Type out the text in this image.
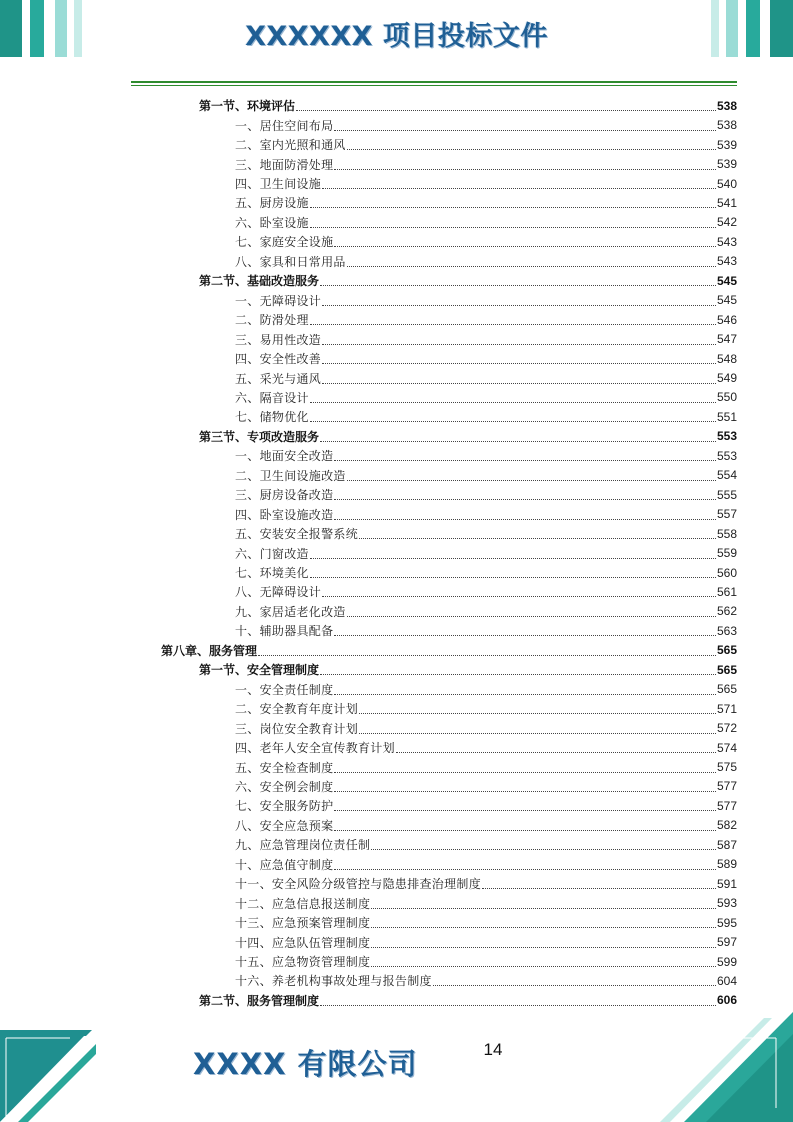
XXXXXX 项目投标文件
第一节、环境评估	538
一、居住空间布局	538
二、室内光照和通风	539
三、地面防滑处理	539
四、卫生间设施	540
五、厨房设施	541
六、卧室设施	542
七、家庭安全设施	543
八、家具和日常用品	543
第二节、基础改造服务	545
一、无障碍设计	545
二、防滑处理	546
三、易用性改造	547
四、安全性改善	548
五、采光与通风	549
六、隔音设计	550
七、储物优化	551
第三节、专项改造服务	553
一、地面安全改造	553
二、卫生间设施改造	554
三、厨房设备改造	555
四、卧室设施改造	557
五、安装安全报警系统	558
六、门窗改造	559
七、环境美化	560
八、无障碍设计	561
九、家居适老化改造	562
十、辅助器具配备	563
第八章、服务管理	565
第一节、安全管理制度	565
一、安全责任制度	565
二、安全教育年度计划	571
三、岗位安全教育计划	572
四、老年人安全宣传教育计划	574
五、安全检查制度	575
六、安全例会制度	577
七、安全服务防护	577
八、安全应急预案	582
九、应急管理岗位责任制	587
十、应急值守制度	589
十一、安全风险分级管控与隐患排查治理制度	591
十二、应急信息报送制度	593
十三、应急预案管理制度	595
十四、应急队伍管理制度	597
十五、应急物资管理制度	599
十六、养老机构事故处理与报告制度	604
第二节、服务管理制度	606
14
XXXX 有限公司
